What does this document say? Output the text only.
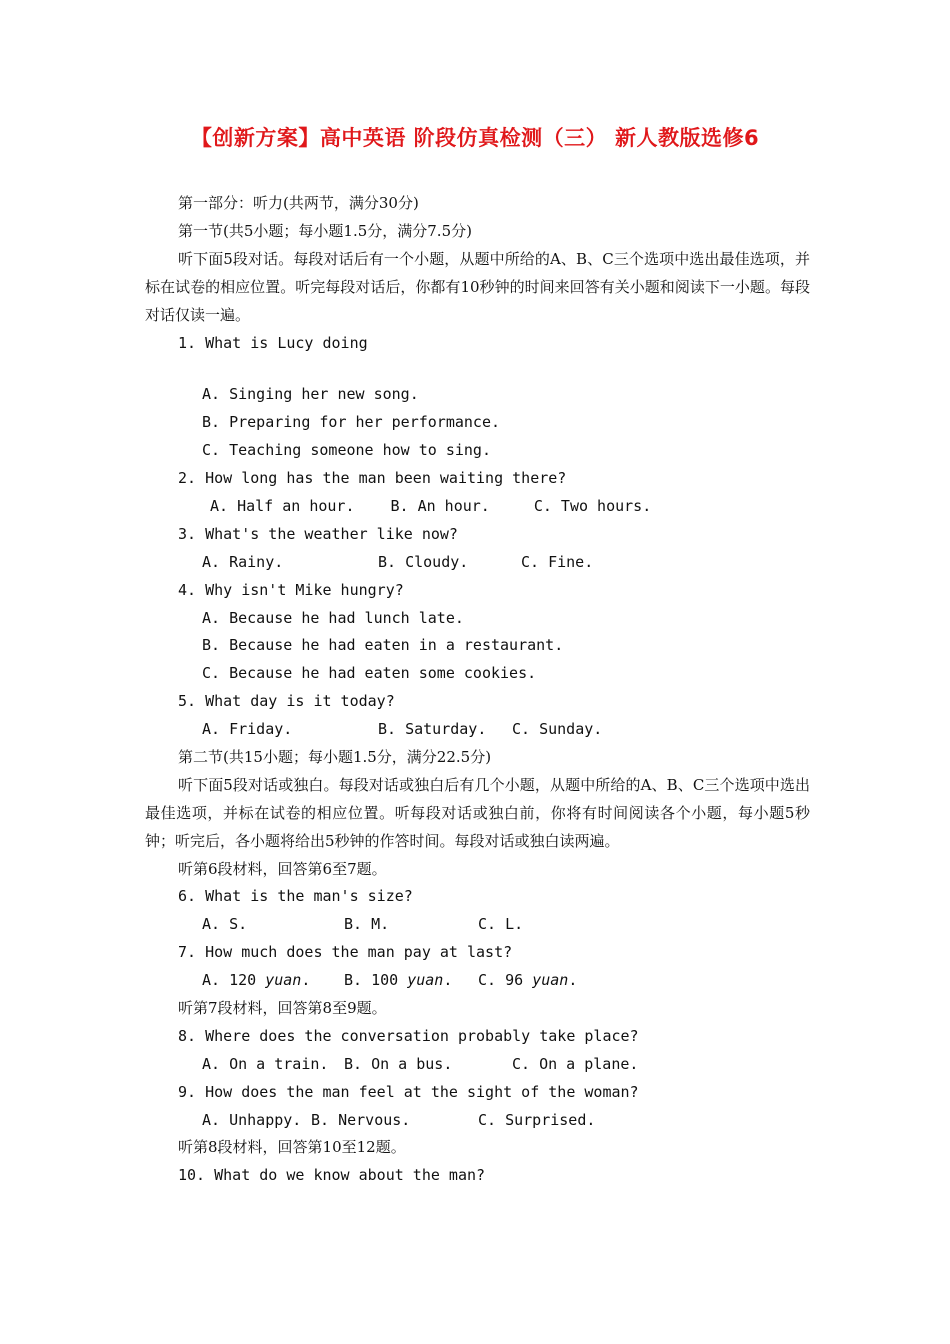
【创新方案】高中英语 阶段仿真检测（三） 新人教版选修6
第一部分：听力(共两节，满分30分)
第一节(共5小题；每小题1.5分，满分7.5分)
听下面5段对话。每段对话后有一个小题，从题中所给的A、B、C三个选项中选出最佳选项，并标在试卷的相应位置。听完每段对话后，你都有10秒钟的时间来回答有关小题和阅读下一小题。每段对话仅读一遍。
1. What is Lucy doing
A. Singing her new song.
B. Preparing for her performance.
C. Teaching someone how to sing.
2. How long has the man been waiting there?
A. Half an hour. B. An hour.	C. Two hours.
3. What's the weather like now?
A. Rainy.	B. Cloudy.	C. Fine.
4. Why isn't Mike hungry?
A. Because he had lunch late.
B. Because he had eaten in a restaurant.
C. Because he had eaten some cookies.
5. What day is it today?
A. Friday.	B. Saturday. C. Sunday.
第二节(共15小题；每小题1.5分，满分22.5分)
听下面5段对话或独白。每段对话或独白后有几个小题，从题中所给的A、B、C三个选项中选出最佳选项，并标在试卷的相应位置。听每段对话或独白前，你将有时间阅读各个小题，每小题5秒钟；听完后，各小题将给出5秒钟的作答时间。每段对话或独白读两遍。
听第6段材料，回答第6至7题。
6. What is the man's size?
A. S.	B. M.	C. L.
7. How much does the man pay at last?
A. 120 yuan. B. 100 yuan. C. 96 yuan.
听第7段材料，回答第8至9题。
8. Where does the conversation probably take place?
A. On a train. B. On a bus.	C. On a plane.
9. How does the man feel at the sight of the woman?
A. Unhappy. B. Nervous.	C. Surprised.
听第8段材料，回答第10至12题。
10. What do we know about the man?
